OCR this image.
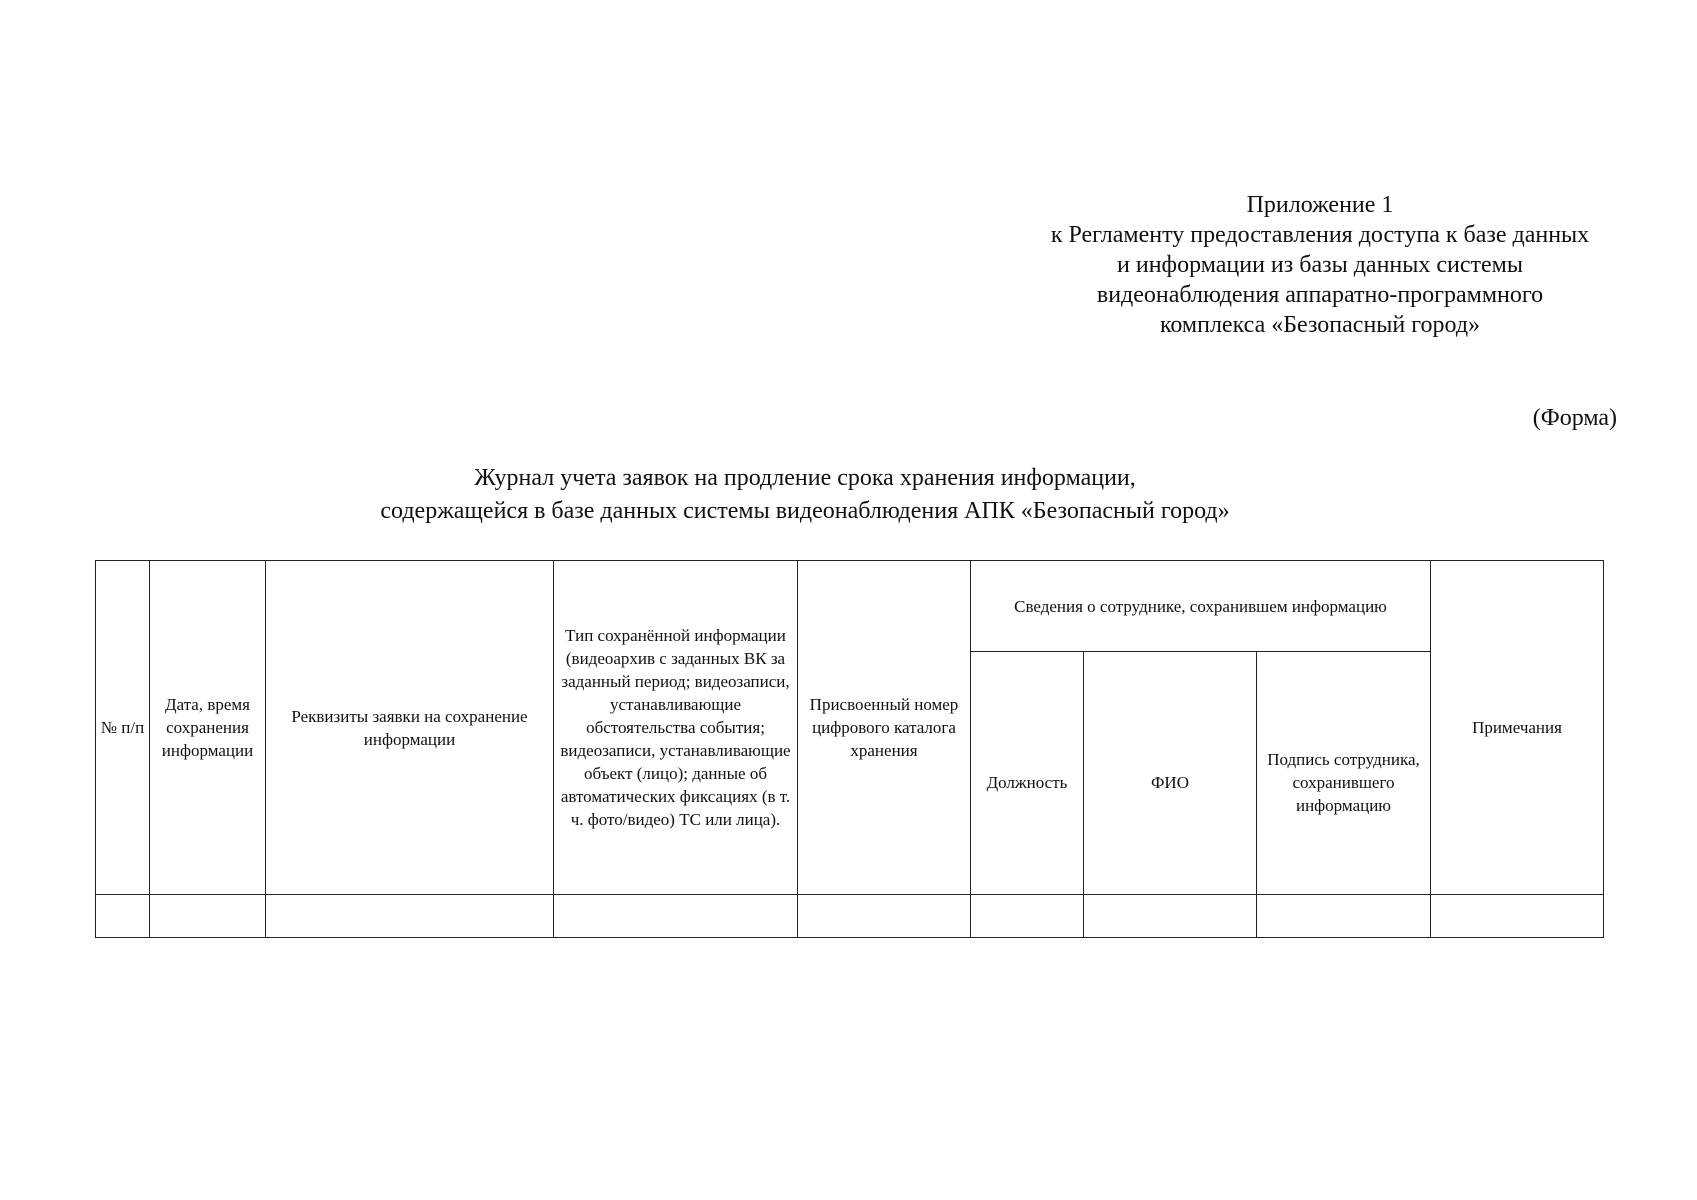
Приложение 1
к Регламенту предоставления доступа к базе данных
и информации из базы данных системы
видеонаблюдения аппаратно-программного
комплекса «Безопасный город»
(Форма)
Журнал учета заявок на продление срока хранения информации,
содержащейся в базе данных системы видеонаблюдения АПК «Безопасный город»
№ п/п	Дата, время сохранения информации	Реквизиты заявки на сохранение информации	Тип сохранённой информации (видеоархив с заданных ВК за заданный период; видеозаписи, устанавливающие обстоятельства события; видеозаписи, устанавливающие объект (лицо); данные об автоматических фиксациях (в т. ч. фото/видео) ТС или лица).	Присвоенный номер цифрового каталога хранения	Сведения о сотруднике, сохранившем информацию			Примечания
					Должность	ФИО	Подпись сотрудника, сохранившего информацию	
